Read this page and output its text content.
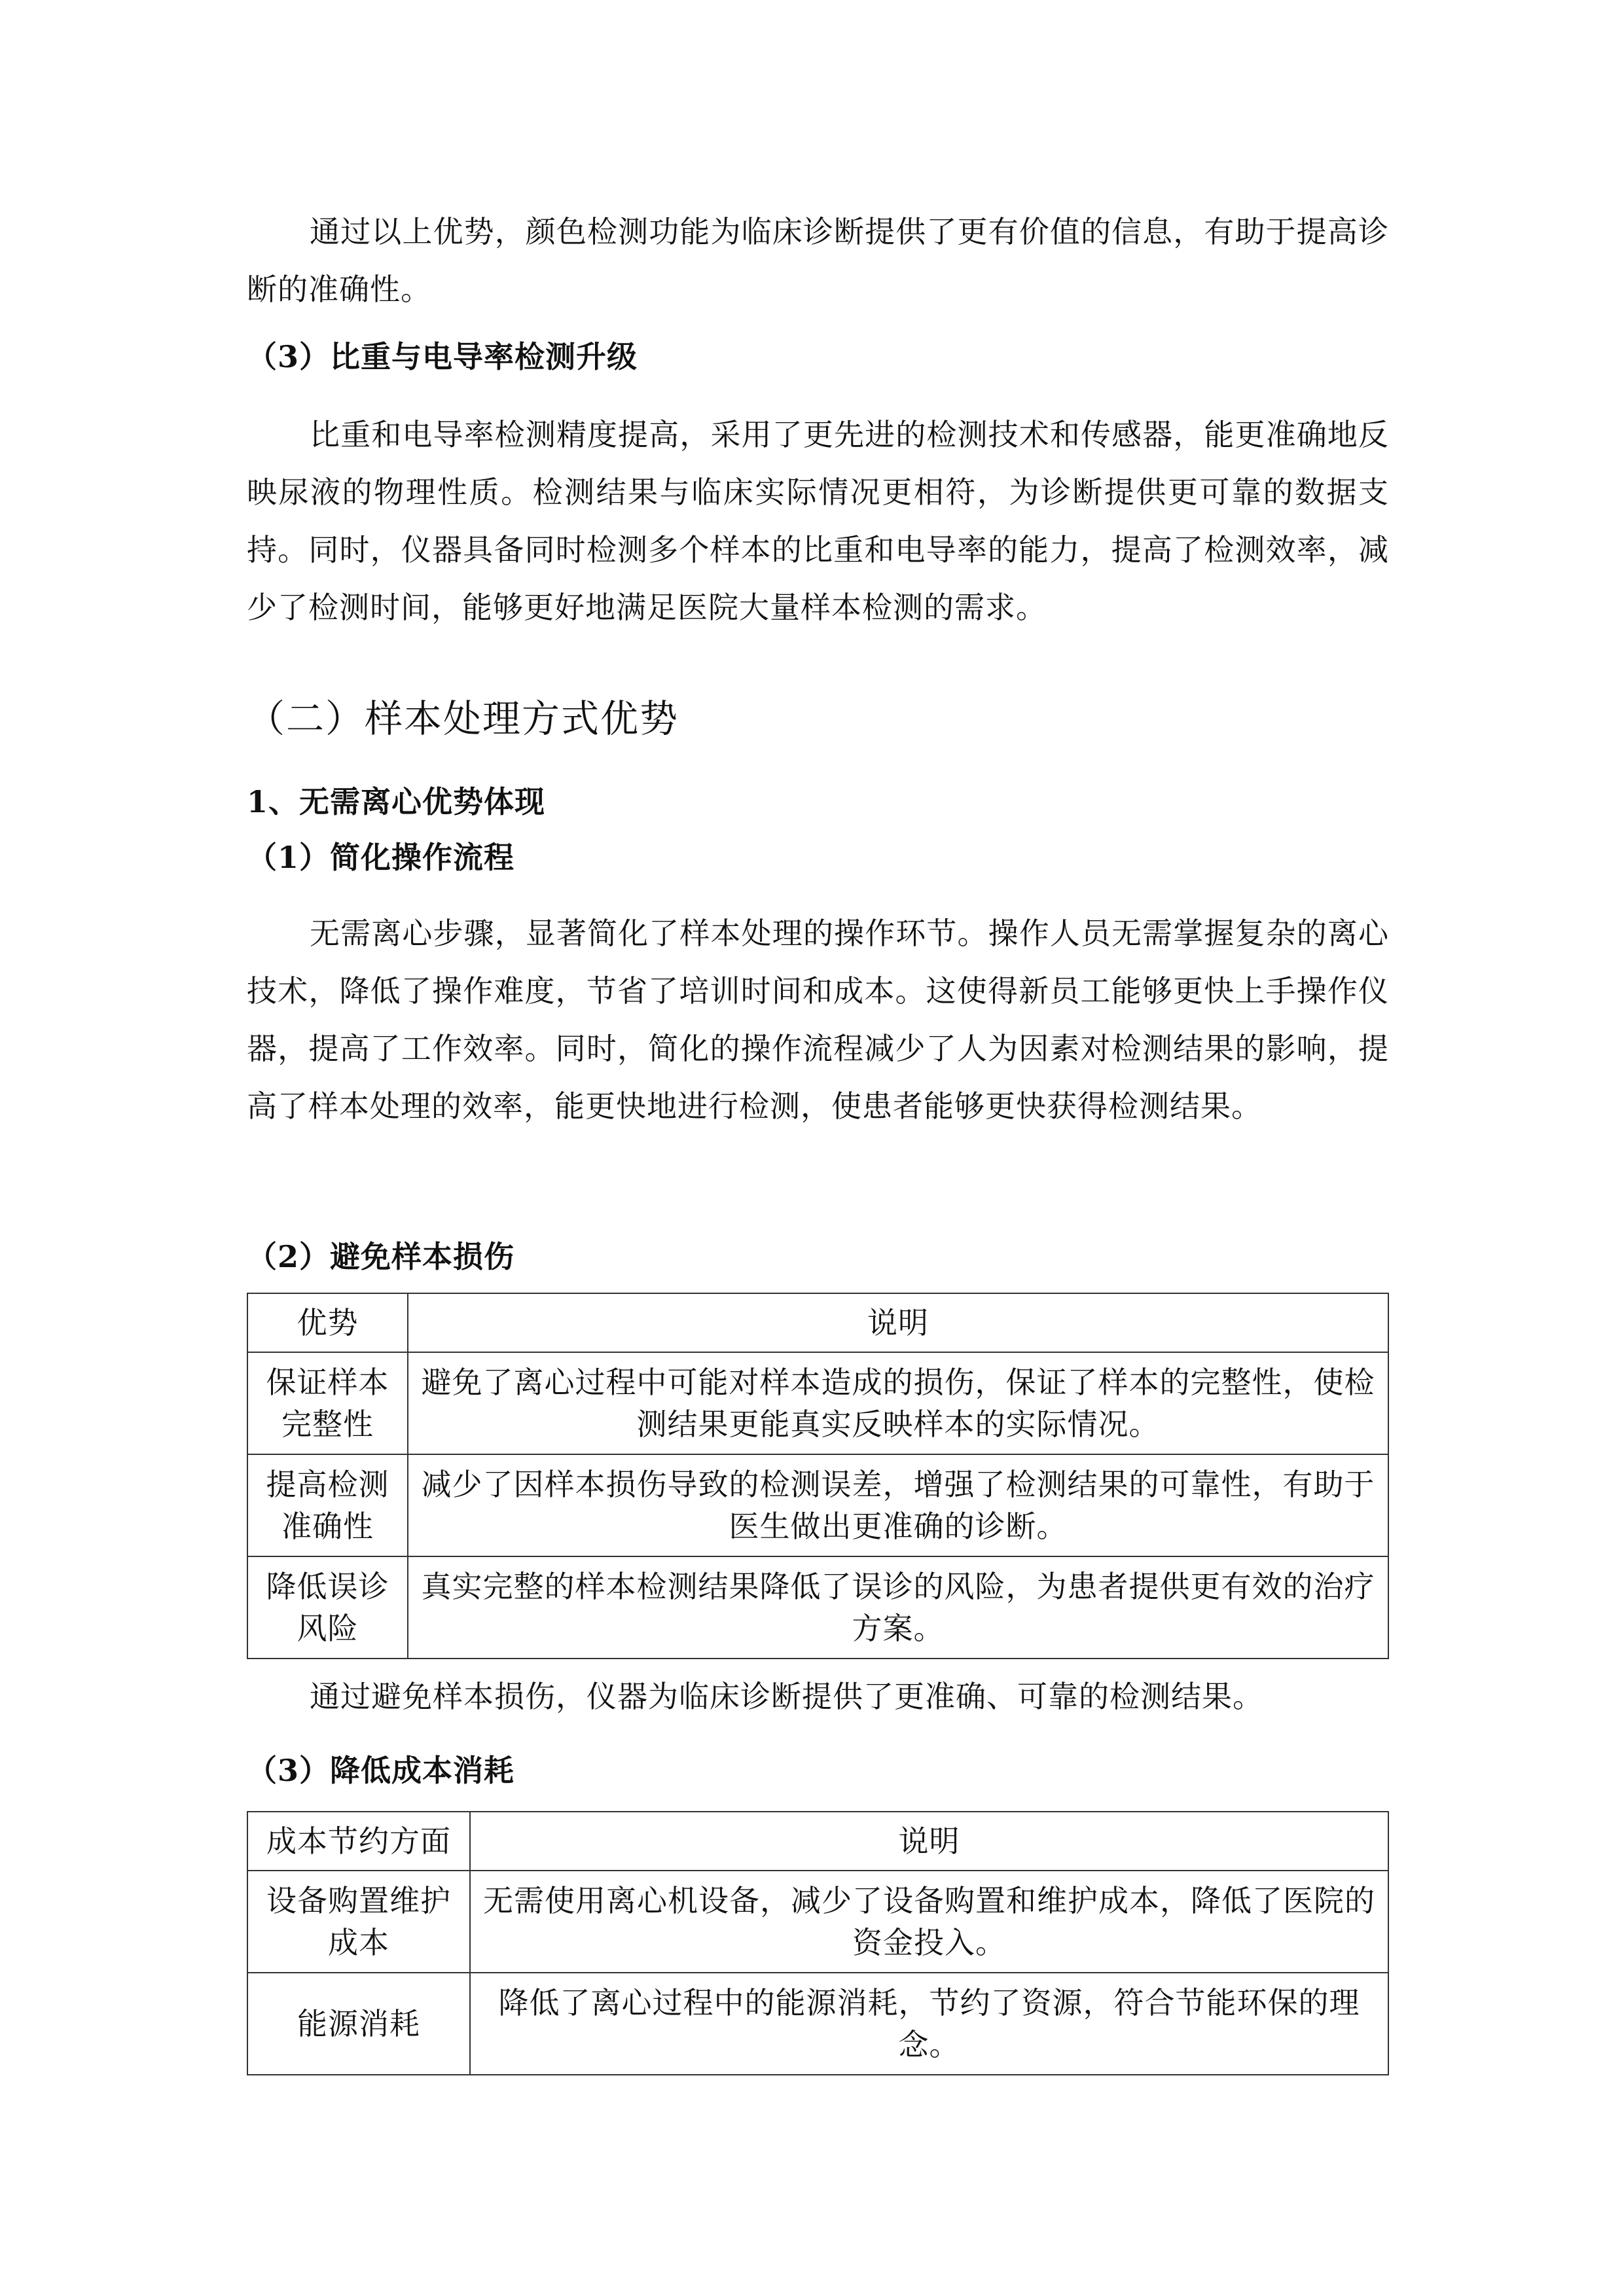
通过以上优势，颜色检测功能为临床诊断提供了更有价值的信息，有助于提高诊断的准确性。

（3）比重与电导率检测升级

比重和电导率检测精度提高，采用了更先进的检测技术和传感器，能更准确地反映尿液的物理性质。检测结果与临床实际情况更相符，为诊断提供更可靠的数据支持。同时，仪器具备同时检测多个样本的比重和电导率的能力，提高了检测效率，减少了检测时间，能够更好地满足医院大量样本检测的需求。

（二）样本处理方式优势
1、无需离心优势体现
（1）简化操作流程

无需离心步骤，显著简化了样本处理的操作环节。操作人员无需掌握复杂的离心技术，降低了操作难度，节省了培训时间和成本。这使得新员工能够更快上手操作仪器，提高了工作效率。同时，简化的操作流程减少了人为因素对检测结果的影响，提高了样本处理的效率，能更快地进行检测，使患者能够更快获得检测结果。

（2）避免样本损伤
优势	说明
保证样本完整性	避免了离心过程中可能对样本造成的损伤，保证了样本的完整性，使检测结果更能真实反映样本的实际情况。
提高检测准确性	减少了因样本损伤导致的检测误差，增强了检测结果的可靠性，有助于医生做出更准确的诊断。
降低误诊风险	真实完整的样本检测结果降低了误诊的风险，为患者提供更有效的治疗方案。

通过避免样本损伤，仪器为临床诊断提供了更准确、可靠的检测结果。

（3）降低成本消耗
成本节约方面	说明
设备购置维护成本	无需使用离心机设备，减少了设备购置和维护成本，降低了医院的资金投入。
能源消耗	降低了离心过程中的能源消耗，节约了资源，符合节能环保的理念。
